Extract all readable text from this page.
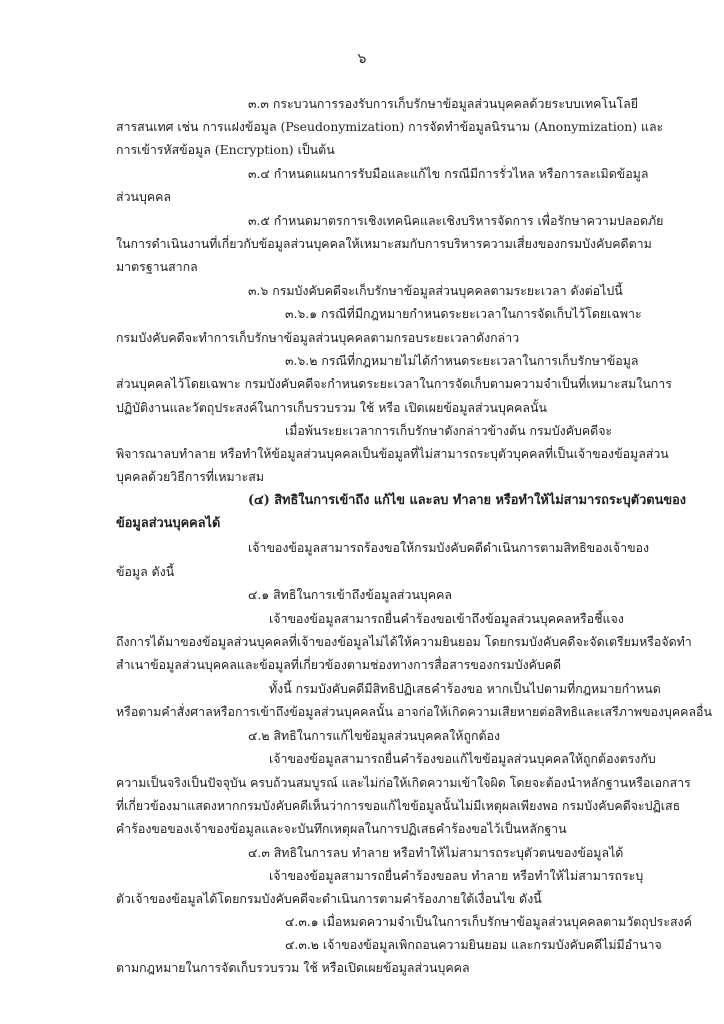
๖
๓.๓ กระบวนการรองรับการเก็บรักษาข้อมูลส่วนบุคคลด้วยระบบเทคโนโลยี
สารสนเทศ เช่น การแฝงข้อมูล (Pseudonymization) การจัดทำข้อมูลนิรนาม (Anonymization) และ
การเข้ารหัสข้อมูล (Encryption) เป็นต้น
๓.๔ กำหนดแผนการรับมือและแก้ไข กรณีมีการรั่วไหล หรือการละเมิดข้อมูล
ส่วนบุคคล
๓.๕ กำหนดมาตรการเชิงเทคนิคและเชิงบริหารจัดการ เพื่อรักษาความปลอดภัย
ในการดำเนินงานที่เกี่ยวกับข้อมูลส่วนบุคคลให้เหมาะสมกับการบริหารความเสี่ยงของกรมบังคับคดีตาม
มาตรฐานสากล
๓.๖ กรมบังคับคดีจะเก็บรักษาข้อมูลส่วนบุคคลตามระยะเวลา ดังต่อไปนี้
๓.๖.๑ กรณีที่มีกฎหมายกำหนดระยะเวลาในการจัดเก็บไว้โดยเฉพาะ
กรมบังคับคดีจะทำการเก็บรักษาข้อมูลส่วนบุคคลตามกรอบระยะเวลาดังกล่าว
๓.๖.๒ กรณีที่กฎหมายไม่ได้กำหนดระยะเวลาในการเก็บรักษาข้อมูล
ส่วนบุคคลไว้โดยเฉพาะ กรมบังคับคดีจะกำหนดระยะเวลาในการจัดเก็บตามความจำเป็นที่เหมาะสมในการ
ปฏิบัติงานและวัตถุประสงค์ในการเก็บรวบรวม ใช้ หรือ เปิดเผยข้อมูลส่วนบุคคลนั้น
เมื่อพ้นระยะเวลาการเก็บรักษาดังกล่าวข้างต้น กรมบังคับคดีจะ
พิจารณาลบทำลาย หรือทำให้ข้อมูลส่วนบุคคลเป็นข้อมูลที่ไม่สามารถระบุตัวบุคคลที่เป็นเจ้าของข้อมูลส่วน
บุคคลด้วยวิธีการที่เหมาะสม
(๔) สิทธิในการเข้าถึง แก้ไข และลบ ทำลาย หรือทำให้ไม่สามารถระบุตัวตนของ
ข้อมูลส่วนบุคคลได้
เจ้าของข้อมูลสามารถร้องขอให้กรมบังคับคดีดำเนินการตามสิทธิของเจ้าของ
ข้อมูล ดังนี้
๔.๑ สิทธิในการเข้าถึงข้อมูลส่วนบุคคล
เจ้าของข้อมูลสามารถยื่นคำร้องขอเข้าถึงข้อมูลส่วนบุคคลหรือชี้แจง
ถึงการได้มาของข้อมูลส่วนบุคคลที่เจ้าของข้อมูลไม่ได้ให้ความยินยอม โดยกรมบังคับคดีจะจัดเตรียมหรือจัดทำ
สำเนาข้อมูลส่วนบุคคลและข้อมูลที่เกี่ยวข้องตามช่องทางการสื่อสารของกรมบังคับคดี
ทั้งนี้ กรมบังคับคดีมีสิทธิปฏิเสธคำร้องขอ หากเป็นไปตามที่กฎหมายกำหนด
หรือตามคำสั่งศาลหรือการเข้าถึงข้อมูลส่วนบุคคลนั้น อาจก่อให้เกิดความเสียหายต่อสิทธิและเสรีภาพของบุคคลอื่น
๔.๒ สิทธิในการแก้ไขข้อมูลส่วนบุคคลให้ถูกต้อง
เจ้าของข้อมูลสามารถยื่นคำร้องขอแก้ไขข้อมูลส่วนบุคคลให้ถูกต้องตรงกับ
ความเป็นจริงเป็นปัจจุบัน ครบถ้วนสมบูรณ์ และไม่ก่อให้เกิดความเข้าใจผิด โดยจะต้องนำหลักฐานหรือเอกสาร
ที่เกี่ยวข้องมาแสดงหากกรมบังคับคดีเห็นว่าการขอแก้ไขข้อมูลนั้นไม่มีเหตุผลเพียงพอ กรมบังคับคดีจะปฏิเสธ
คำร้องขอของเจ้าของข้อมูลและจะบันทึกเหตุผลในการปฏิเสธคำร้องขอไว้เป็นหลักฐาน
๔.๓ สิทธิในการลบ ทำลาย หรือทำให้ไม่สามารถระบุตัวตนของข้อมูลได้
เจ้าของข้อมูลสามารถยื่นคำร้องขอลบ ทำลาย หรือทำให้ไม่สามารถระบุ
ตัวเจ้าของข้อมูลได้โดยกรมบังคับคดีจะดำเนินการตามคำร้องภายใต้เงื่อนไข ดังนี้
๔.๓.๑ เมื่อหมดความจำเป็นในการเก็บรักษาข้อมูลส่วนบุคคลตามวัตถุประสงค์
๔.๓.๒ เจ้าของข้อมูลเพิกถอนความยินยอม และกรมบังคับคดีไม่มีอำนาจ
ตามกฎหมายในการจัดเก็บรวบรวม ใช้ หรือเปิดเผยข้อมูลส่วนบุคคล
